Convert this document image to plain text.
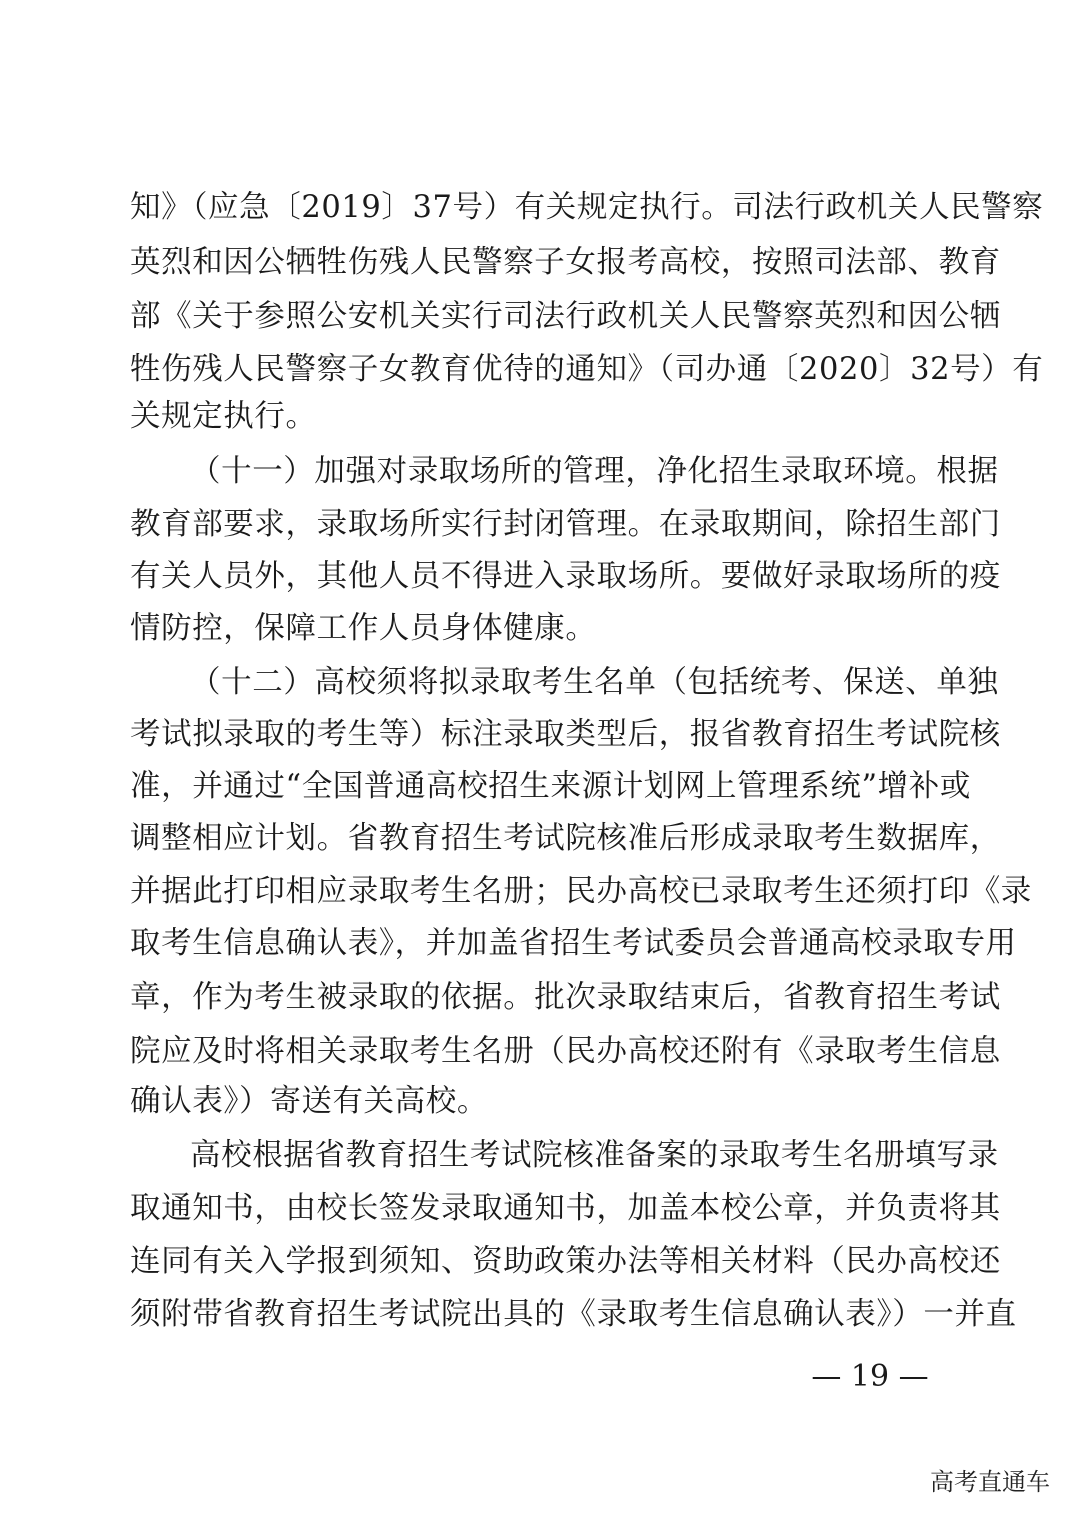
知》（应急〔2019〕37号）有关规定执行。司法行政机关人民警察
英烈和因公牺牲伤残人民警察子女报考高校，按照司法部、教育
部《关于参照公安机关实行司法行政机关人民警察英烈和因公牺
牲伤残人民警察子女教育优待的通知》（司办通〔2020〕32号）有
关规定执行。
（十一）加强对录取场所的管理，净化招生录取环境。根据
教育部要求，录取场所实行封闭管理。在录取期间，除招生部门
有关人员外，其他人员不得进入录取场所。要做好录取场所的疫
情防控，保障工作人员身体健康。
（十二）高校须将拟录取考生名单（包括统考、保送、单独
考试拟录取的考生等）标注录取类型后，报省教育招生考试院核
准，并通过“全国普通高校招生来源计划网上管理系统”增补或
调整相应计划。省教育招生考试院核准后形成录取考生数据库，
并据此打印相应录取考生名册；民办高校已录取考生还须打印《录
取考生信息确认表》，并加盖省招生考试委员会普通高校录取专用
章，作为考生被录取的依据。批次录取结束后，省教育招生考试
院应及时将相关录取考生名册（民办高校还附有《录取考生信息
确认表》）寄送有关高校。
高校根据省教育招生考试院核准备案的录取考生名册填写录
取通知书，由校长签发录取通知书，加盖本校公章，并负责将其
连同有关入学报到须知、资助政策办法等相关材料（民办高校还
须附带省教育招生考试院出具的《录取考生信息确认表》）一并直
— 19 —
高考直通车
